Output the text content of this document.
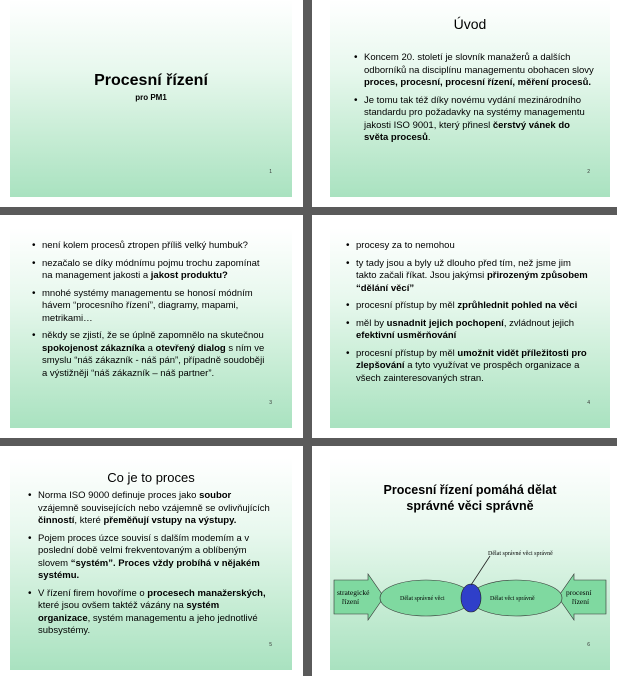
Procesní řízení
pro PM1
1
Úvod
• Koncem 20. století je slovník manažerů a dalších odborníků na disciplínu managementu obohacen slovy proces, procesní, procesní řízení, měření procesů.
• Je tomu tak též díky novému vydání mezinárodního standardu pro požadavky na systémy managementu jakosti ISO 9001, který přinesl čerstvý vánek do světa procesů.
2
• není kolem procesů ztropen příliš velký humbuk?
• nezačalo se díky módnímu pojmu trochu zapomínat na management jakosti a jakost produktu?
• mnohé systémy managementu se honosí módním hávem “procesního řízení”, diagramy, mapami, metrikami…
• někdy se zjistí, že se úplně zapomnělo na skutečnou spokojenost zákazníka a otevřený dialog s ním ve smyslu “náš zákazník - náš pán”, případně soudoběji a výstižněji “náš zákazník – náš partner”.
3
• procesy za to nemohou
• ty tady jsou a byly už dlouho před tím, než jsme jim takto začali říkat. Jsou jakýmsi přirozeným způsobem “dělání věcí”
• procesní přístup by měl zprůhlednit pohled na věci
• měl by usnadnit jejich pochopení, zvládnout jejich efektivní usměrňování
• procesní přístup by měl umožnit vidět příležitosti pro zlepšování a tyto využívat ve prospěch organizace a všech zainteresovaných stran.
4
Co je to proces
• Norma ISO 9000 definuje proces jako soubor vzájemně souvisejících nebo vzájemně se ovlivňujících činností, které přeměňují vstupy na výstupy.
• Pojem proces úzce souvisí s dalším modemím a v poslední době velmi frekventovaným a oblíbeným slovem “systém”. Proces vždy probíhá v nějakém systému.
• V řízení firem hovoříme o procesech manažerských, které jsou ovšem taktéž vázány na systém organizace, systém managementu a jeho jednotlivé subsystémy.
5
Procesní řízení pomáhá dělat správné věci správně
strategické řízení
procesní řízení
Dělat správné věci	Dělat věci správně
Dělat správné věci správně
6
